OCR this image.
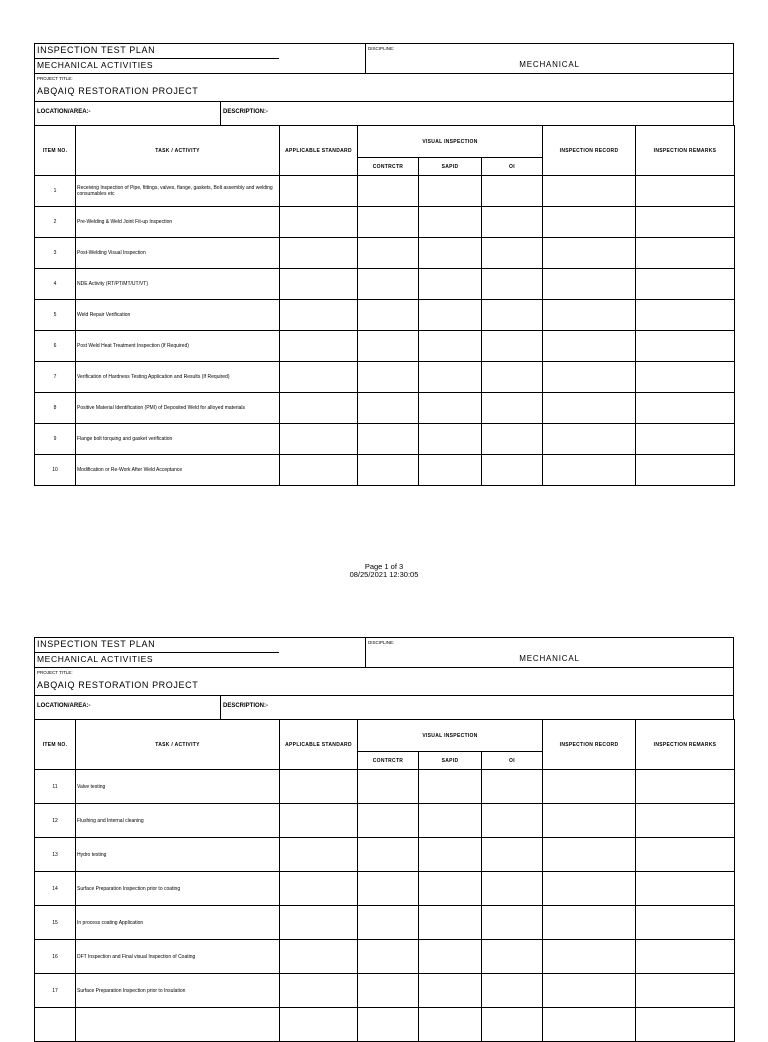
INSPECTION TEST PLAN
MECHANICAL ACTIVITIES
DISCIPLINE:
MECHANICAL
PROJECT TITLE:
ABQAIQ RESTORATION PROJECT
LOCATION/AREA:-	DESCRIPTION:-
ITEM NO.	TASK / ACTIVITY	APPLICABLE STANDARD	VISUAL INSPECTION			INSPECTION RECORD	INSPECTION REMARKS
			CONTRCTR	SAPID	OI		
1	Receiving Inspection of Pipe, fittings, valves, flange, gaskets, Bolt assembly and welding consumables etc						
2	Pre-Welding & Weld Joint Fit-up Inspection						
3	Post-Welding Visual Inspection						
4	NDE Activity (RT/PT/MT/UT/VT)						
5	Weld Repair Verification						
6	Post Weld Heat Treatment Inspection (If Required)						
7	Verification of Hardness Testing Application and Results (If Required)						
8	Positive Material Identification (PMI) of Deposited Weld for alloyed materials						
9	Flange bolt torquing and gasket verification						
10	Modification or Re-Work After Weld Acceptance						
Page 1 of 3
08/25/2021 12:30:05
INSPECTION TEST PLAN
MECHANICAL ACTIVITIES
DISCIPLINE:
MECHANICAL
PROJECT TITLE:
ABQAIQ RESTORATION PROJECT
LOCATION/AREA:-	DESCRIPTION:-
ITEM NO.	TASK / ACTIVITY	APPLICABLE STANDARD	VISUAL INSPECTION			INSPECTION RECORD	INSPECTION REMARKS
			CONTRCTR	SAPID	OI		
11	Valve testing						
12	Flushing and Internal cleaning						
13	Hydro testing						
14	Surface Preparation Inspection prior to coating						
15	In process coating Application						
16	DFT Inspection and Final visual Inspection of Coating						
17	Surface Preparation Inspection prior to Insulation						
